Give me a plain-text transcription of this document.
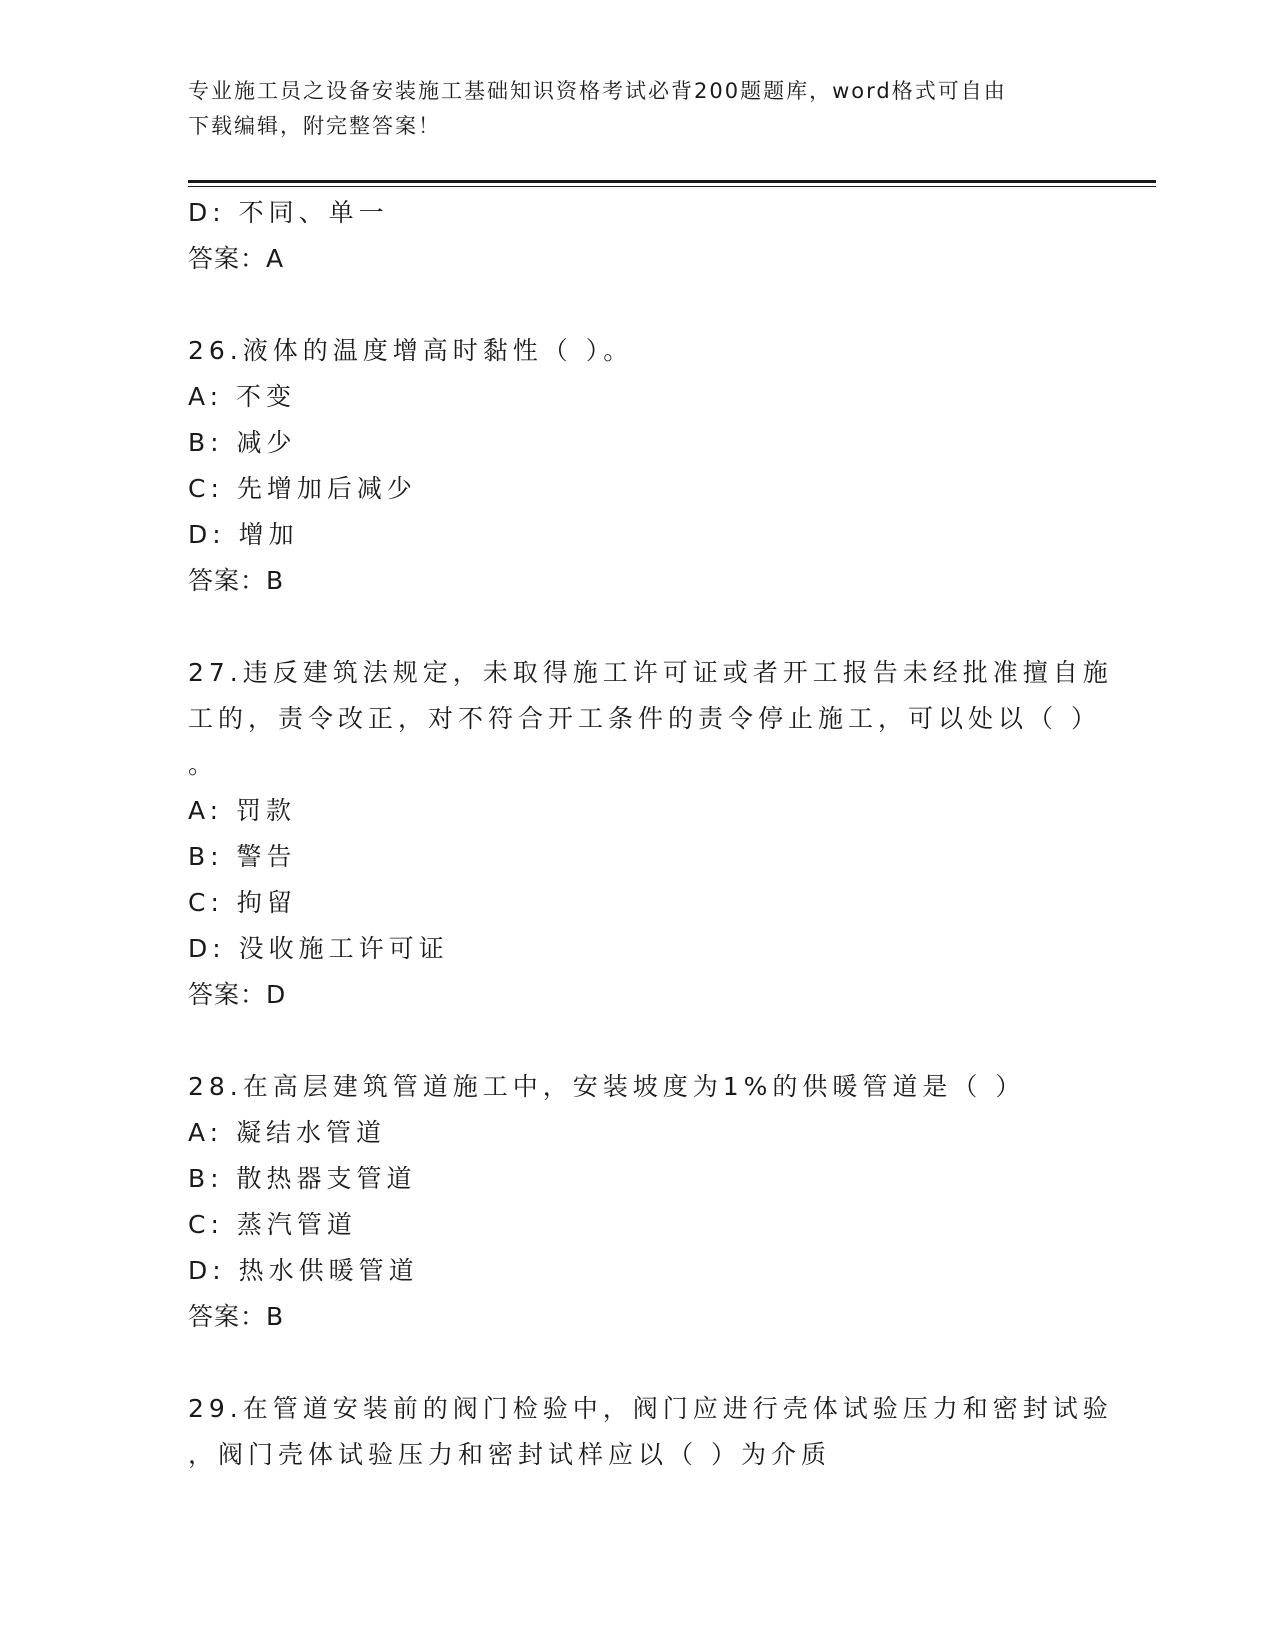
专业施工员之设备安装施工基础知识资格考试必背200题题库，word格式可自由
下载编辑，附完整答案！
D: 不同、单一
答案：A
26.液体的温度增高时黏性（ ）。
A: 不变
B: 减少
C: 先增加后减少
D: 增加
答案：B
27.违反建筑法规定，未取得施工许可证或者开工报告未经批准擅自施
工的，责令改正，对不符合开工条件的责令停止施工，可以处以（ ）
。
A: 罚款
B: 警告
C: 拘留
D: 没收施工许可证
答案：D
28.在高层建筑管道施工中，安装坡度为1%的供暖管道是（ ）
A: 凝结水管道
B: 散热器支管道
C: 蒸汽管道
D: 热水供暖管道
答案：B
29.在管道安装前的阀门检验中，阀门应进行壳体试验压力和密封试验
，阀门壳体试验压力和密封试样应以（ ）为介质
